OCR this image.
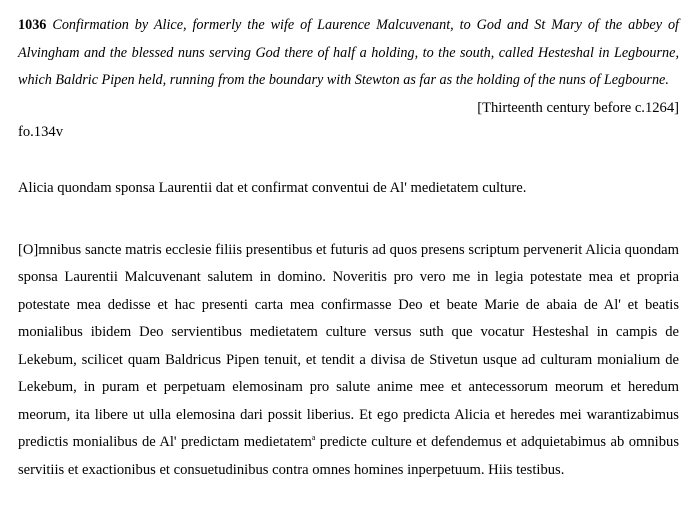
1036 Confirmation by Alice, formerly the wife of Laurence Malcuvenant, to God and St Mary of the abbey of Alvingham and the blessed nuns serving God there of half a holding, to the south, called Hesteshal in Legbourne, which Baldric Pipen held, running from the boundary with Stewton as far as the holding of the nuns of Legbourne.

[Thirteenth century before c.1264]

fo.134v

Alicia quondam sponsa Laurentii dat et confirmat conventui de Al' medietatem culture.

[O]mnibus sancte matris ecclesie filiis presentibus et futuris ad quos presens scriptum pervenerit Alicia quondam sponsa Laurentii Malcuvenant salutem in domino. Noveritis pro vero me in legia potestate mea et propria potestate mea dedisse et hac presenti carta mea confirmasse Deo et beate Marie de abaia de Al' et beatis monialibus ibidem Deo servientibus medietatem culture versus suth que vocatur Hesteshal in campis de Lekebum, scilicet quam Baldricus Pipen tenuit, et tendit a divisa de Stivetun usque ad culturam monialium de Lekebum, in puram et perpetuam elemosinam pro salute anime mee et antecessorum meorum et heredum meorum, ita libere ut ulla elemosina dari possit liberius. Et ego predicta Alicia et heredes mei warantizabimus predictis monialibus de Al' predictam medietatem$^a$ predicte culture et defendemus et adquietabimus ab omnibus servitiis et exactionibus et consuetudinibus contra omnes homines inperpetuum. Hiis testibus.
